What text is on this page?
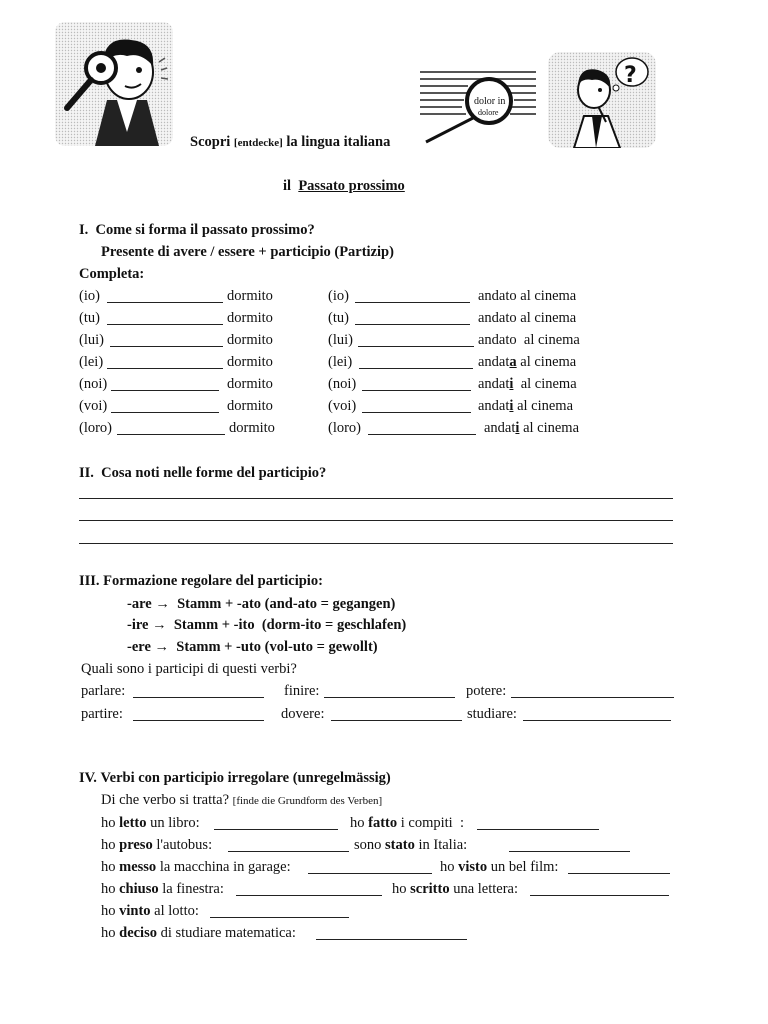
dolor in
dolore
?
Scopri [entdecke] la lingua italiana
il Passato prossimo
I.  Come si forma il passato prossimo?
Presente di avere / essere + participio (Partizip)
Completa:
(io)	dormito
(tu)	dormito
(lui)	dormito
(lei)	dormito
(noi)	dormito
(voi)	dormito
(loro)	dormito
(io)	andato al cinema
(tu)	andato al cinema
(lui)	andato  al cinema
(lei)	andata al cinema
(noi)	andati  al cinema
(voi)	andati al cinema
(loro)	andati al cinema
II.  Cosa noti nelle forme del participio?
III. Formazione regolare del participio:
-are →  Stamm + -ato (and-ato = gegangen)
-ire →  Stamm + -ito  (dorm-ito = geschlafen)
-ere →  Stamm + -uto (vol-uto = gewollt)
Quali sono i participi di questi verbi?
parlare:	finire:	potere:
partire:	dovere:	studiare:
IV. Verbi con participio irregolare (unregelmässig)
Di che verbo si tratta? [finde die Grundform des Verben]
ho letto un libro:	ho fatto i compiti  :
ho preso l'autobus:	sono stato in Italia:
ho messo la macchina in garage:	ho visto un bel film:
ho chiuso la finestra:	ho scritto una lettera:
ho vinto al lotto:
ho deciso di studiare matematica:
